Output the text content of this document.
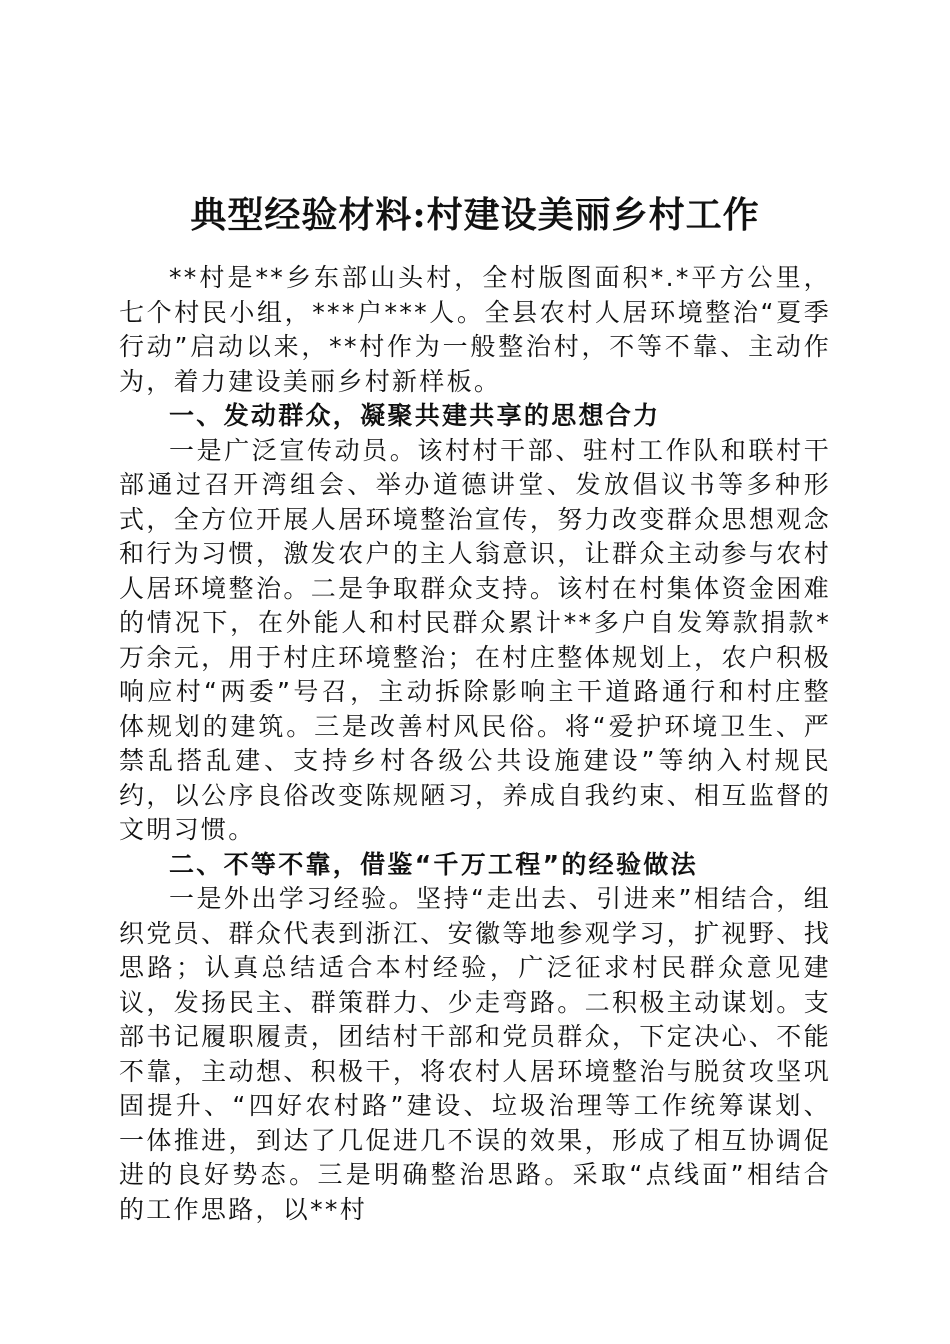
典型经验材料:村建设美丽乡村工作

**村是**乡东部山头村，全村版图面积*.*平方公里，七个村民小组，***户***人。全县农村人居环境整治“夏季行动”启动以来，**村作为一般整治村，不等不靠、主动作为，着力建设美丽乡村新样板。

一、发动群众，凝聚共建共享的思想合力

一是广泛宣传动员。该村村干部、驻村工作队和联村干部通过召开湾组会、举办道德讲堂、发放倡议书等多种形式，全方位开展人居环境整治宣传，努力改变群众思想观念和行为习惯，激发农户的主人翁意识，让群众主动参与农村人居环境整治。二是争取群众支持。该村在村集体资金困难的情况下，在外能人和村民群众累计**多户自发筹款捐款*万余元，用于村庄环境整治；在村庄整体规划上，农户积极响应村“两委”号召，主动拆除影响主干道路通行和村庄整体规划的建筑。三是改善村风民俗。将“爱护环境卫生、严禁乱搭乱建、支持乡村各级公共设施建设”等纳入村规民约，以公序良俗改变陈规陋习，养成自我约束、相互监督的文明习惯。

二、不等不靠，借鉴“千万工程”的经验做法

一是外出学习经验。坚持“走出去、引进来”相结合，组织党员、群众代表到浙江、安徽等地参观学习，扩视野、找思路；认真总结适合本村经验，广泛征求村民群众意见建议，发扬民主、群策群力、少走弯路。二积极主动谋划。支部书记履职履责，团结村干部和党员群众，下定决心、不能不靠，主动想、积极干，将农村人居环境整治与脱贫攻坚巩固提升、“四好农村路”建设、垃圾治理等工作统筹谋划、一体推进，到达了几促进几不误的效果，形成了相互协调促进的良好势态。三是明确整治思路。采取“点线面”相结合的工作思路，以**村
